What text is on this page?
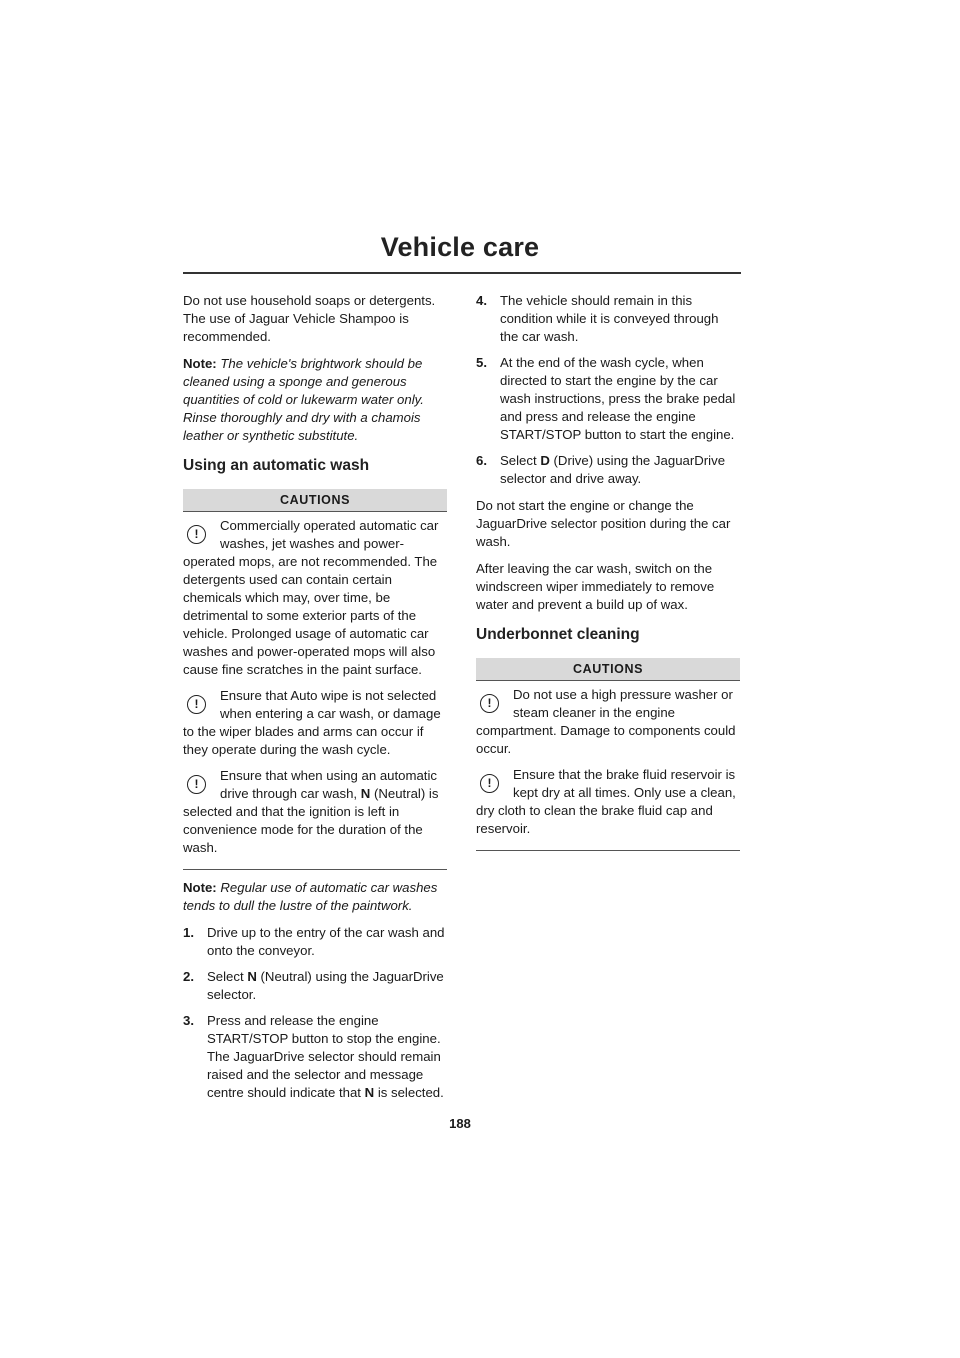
Vehicle care

Do not use household soaps or detergents. The use of Jaguar Vehicle Shampoo is recommended.

Note: The vehicle's brightwork should be cleaned using a sponge and generous quantities of cold or lukewarm water only. Rinse thoroughly and dry with a chamois leather or synthetic substitute.

Using an automatic wash
CAUTIONS
!
Commercially operated automatic car washes, jet washes and power-operated mops, are not recommended. The detergents used can contain certain chemicals which may, over time, be detrimental to some exterior parts of the vehicle. Prolonged usage of automatic car washes and power-operated mops will also cause fine scratches in the paint surface.
!
Ensure that Auto wipe is not selected when entering a car wash, or damage to the wiper blades and arms can occur if they operate during the wash cycle.
!
Ensure that when using an automatic drive through car wash, N (Neutral) is selected and that the ignition is left in convenience mode for the duration of the wash.

Note: Regular use of automatic car washes tends to dull the lustre of the paintwork.

1. Drive up to the entry of the car wash and onto the conveyor.
2. Select N (Neutral) using the JaguarDrive selector.
3. Press and release the engine START/STOP button to stop the engine. The JaguarDrive selector should remain raised and the selector and message centre should indicate that N is selected.
4. The vehicle should remain in this condition while it is conveyed through the car wash.
5. At the end of the wash cycle, when directed to start the engine by the car wash instructions, press the brake pedal and press and release the engine START/STOP button to start the engine.
6. Select D (Drive) using the JaguarDrive selector and drive away.

Do not start the engine or change the JaguarDrive selector position during the car wash.

After leaving the car wash, switch on the windscreen wiper immediately to remove water and prevent a build up of wax.

Underbonnet cleaning
CAUTIONS
!
Do not use a high pressure washer or steam cleaner in the engine compartment. Damage to components could occur.
!
Ensure that the brake fluid reservoir is kept dry at all times. Only use a clean, dry cloth to clean the brake fluid cap and reservoir.
188
